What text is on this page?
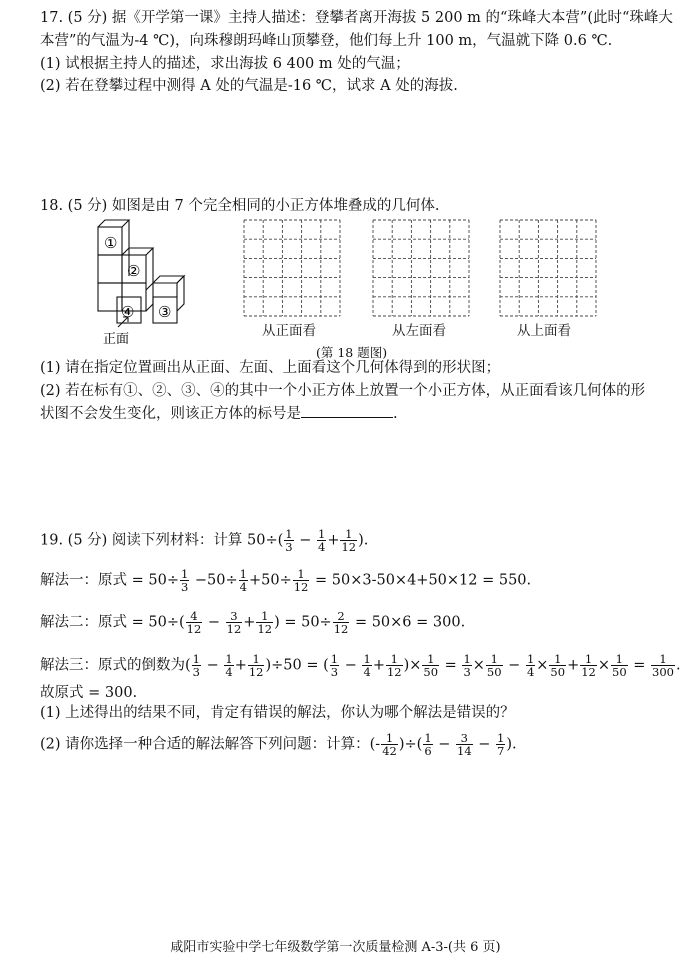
17. (5 分) 据《开学第一课》主持人描述：登攀者离开海拔 5 200 m 的“珠峰大本营”(此时“珠峰大
本营”的气温为-4 ℃)，向珠穆朗玛峰山顶攀登，他们每上升 100 m，气温就下降 0.6 ℃.
(1) 试根据主持人的描述，求出海拔 6 400 m 处的气温；
(2) 若在登攀过程中测得 A 处的气温是-16 ℃，试求 A 处的海拔.
18. (5 分) 如图是由 7 个完全相同的小正方体堆叠成的几何体.
①
②
④ ③
正面
从正面看	从左面看	从上面看
(第 18 题图)
(1) 请在指定位置画出从正面、左面、上面看这个几何体得到的形状图；
(2) 若在标有①、②、③、④的其中一个小正方体上放置一个小正方体，从正面看该几何体的形
状图不会发生变化，则该正方体的标号是	.
19. (5 分) 阅读下列材料：计算 $50\div( \frac{1}{3} - \frac{1}{4} + \frac{1}{12}$ ).
解法一：原式 = $50\div \frac{1}{3} -50\div \frac{1}{4} +50\div \frac{1}{12} = 50\times 3-50\times 4+50\times 12 = 550$.
解法二：原式 = $50\div( \frac{4}{12} - \frac{3}{12} + \frac{1}{12}$ ) = $50\div \frac{2}{12} = 50\times 6 = 300$.
解法三：原式的倒数为( $\frac{1}{3} - \frac{1}{4} + \frac{1}{12} )\div 50$ = ( $\frac{1}{3} - \frac{1}{4} + \frac{1}{12}$ )× $\frac{1}{50} = \frac{1}{3} \times \frac{1}{50} - \frac{1}{4} \times \frac{1}{50} + \frac{1}{12} \times \frac{1}{50} = \frac{1}{300}$ .
故原式 = 300.
(1) 上述得出的结果不同，肯定有错误的解法，你认为哪个解法是错误的？
(2) 请你选择一种合适的解法解答下列问题：计算：(- $\frac{1}{42}$ )÷( $\frac{1}{6} - \frac{3}{14} - \frac{1}{7}$ ).
咸阳市实验中学七年级数学第一次质量检测 A-3-(共 6 页)
